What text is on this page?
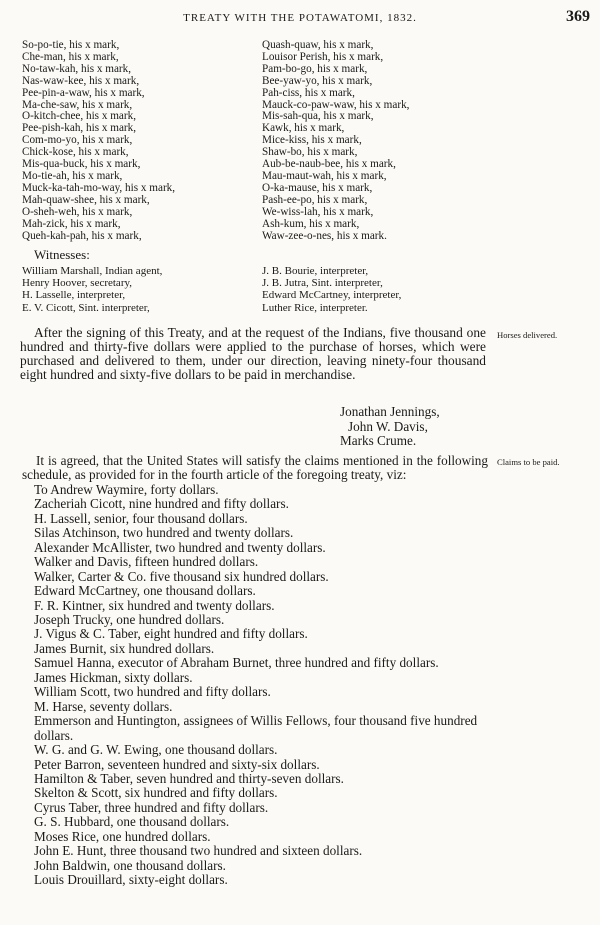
TREATY WITH THE POTAWATOMI, 1832.	369
So-po-tie, his x mark,
Che-man, his x mark,
No-taw-kah, his x mark,
Nas-waw-kee, his x mark,
Pee-pin-a-waw, his x mark,
Ma-che-saw, his x mark,
O-kitch-chee, his x mark,
Pee-pish-kah, his x mark,
Com-mo-yo, his x mark,
Chick-kose, his x mark,
Mis-qua-buck, his x mark,
Mo-tie-ah, his x mark,
Muck-ka-tah-mo-way, his x mark,
Mah-quaw-shee, his x mark,
O-sheh-weh, his x mark,
Mah-zick, his x mark,
Queh-kah-pah, his x mark,
Quash-quaw, his x mark,
Louisor Perish, his x mark,
Pam-bo-go, his x mark,
Bee-yaw-yo, his x mark,
Pah-ciss, his x mark,
Mauck-co-paw-waw, his x mark,
Mis-sah-qua, his x mark,
Kawk, his x mark,
Mice-kiss, his x mark,
Shaw-bo, his x mark,
Aub-be-naub-bee, his x mark,
Mau-maut-wah, his x mark,
O-ka-mause, his x mark,
Pash-ee-po, his x mark,
We-wiss-lah, his x mark,
Ash-kum, his x mark,
Waw-zee-o-nes, his x mark.
Witnesses:
William Marshall, Indian agent,
Henry Hoover, secretary,
H. Lasselle, interpreter,
E. V. Cicott, Sint. interpreter,
J. B. Bourie, interpreter,
J. B. Jutra, Sint. interpreter,
Edward McCartney, interpreter,
Luther Rice, interpreter.
After the signing of this Treaty, and at the request of the Indians, five thousand one hundred and thirty-five dollars were applied to the purchase of horses, which were purchased and delivered to them, under our direction, leaving ninety-four thousand eight hundred and sixty-five dollars to be paid in merchandise.
Horses delivered.
Jonathan Jennings,
John W. Davis,
Marks Crume.
It is agreed, that the United States will satisfy the claims mentioned in the following schedule, as provided for in the fourth article of the foregoing treaty, viz:
To Andrew Waymire, forty dollars.
Zacheriah Cicott, nine hundred and fifty dollars.
H. Lassell, senior, four thousand dollars.
Silas Atchinson, two hundred and twenty dollars.
Alexander McAllister, two hundred and twenty dollars.
Walker and Davis, fifteen hundred dollars.
Walker, Carter & Co. five thousand six hundred dollars.
Edward McCartney, one thousand dollars.
F. R. Kintner, six hundred and twenty dollars.
Joseph Trucky, one hundred dollars.
J. Vigus & C. Taber, eight hundred and fifty dollars.
James Burnit, six hundred dollars.
Samuel Hanna, executor of Abraham Burnet, three hundred and fifty dollars.
James Hickman, sixty dollars.
William Scott, two hundred and fifty dollars.
M. Harse, seventy dollars.
Emmerson and Huntington, assignees of Willis Fellows, four thousand five hundred dollars.
W. G. and G. W. Ewing, one thousand dollars.
Peter Barron, seventeen hundred and sixty-six dollars.
Hamilton & Taber, seven hundred and thirty-seven dollars.
Skelton & Scott, six hundred and fifty dollars.
Cyrus Taber, three hundred and fifty dollars.
G. S. Hubbard, one thousand dollars.
Moses Rice, one hundred dollars.
John E. Hunt, three thousand two hundred and sixteen dollars.
John Baldwin, one thousand dollars.
Louis Drouillard, sixty-eight dollars.
Claims to be paid.
